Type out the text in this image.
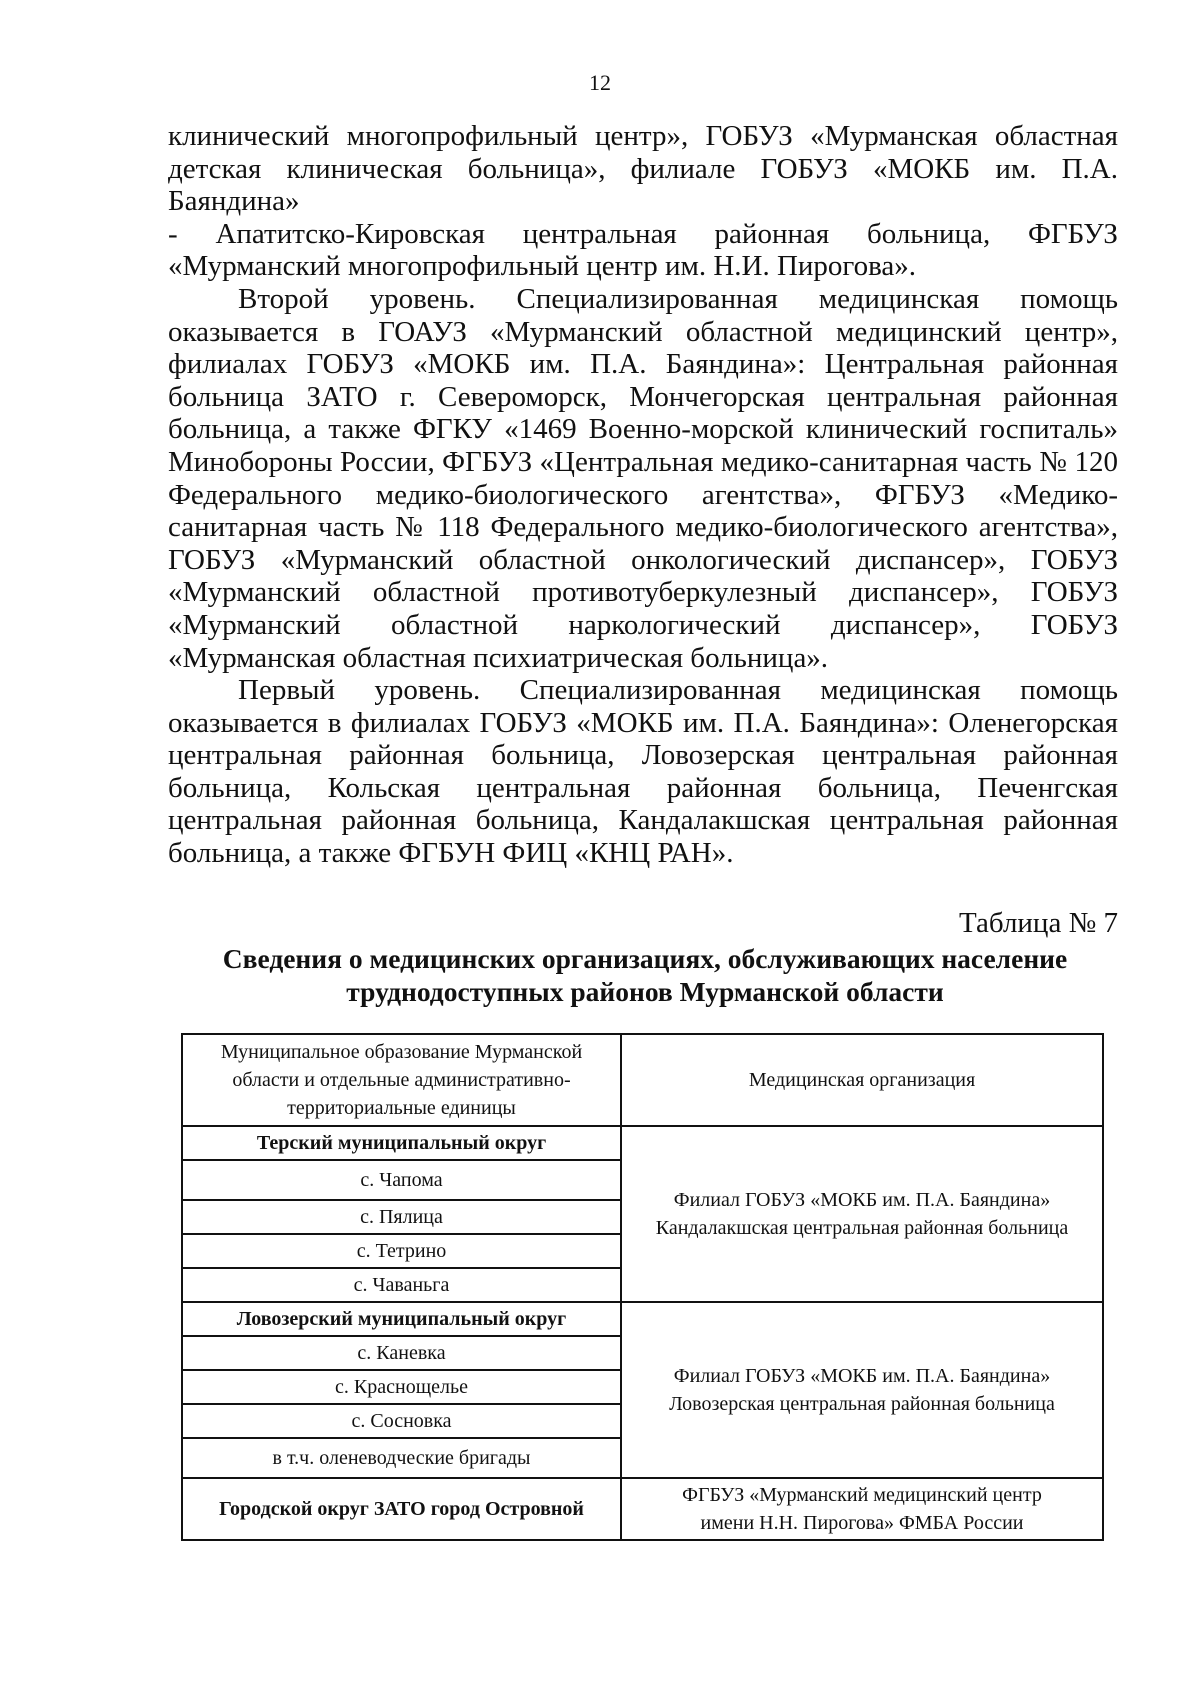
12

клинический многопрофильный центр», ГОБУЗ «Мурманская областная детская клиническая больница», филиале ГОБУЗ «МОКБ им. П.А. Баяндина»

- Апатитско-Кировская центральная районная больница, ФГБУЗ

«Мурманский многопрофильный центр им. Н.И. Пирогова».

Второй уровень. Специализированная медицинская помощь оказывается в ГОАУЗ «Мурманский областной медицинский центр», филиалах ГОБУЗ «МОКБ им. П.А. Баяндина»: Центральная районная больница ЗАТО г. Североморск, Мончегорская центральная районная больница, а также ФГКУ «1469 Военно-морской клинический госпиталь» Минобороны России, ФГБУЗ «Центральная медико-санитарная часть № 120 Федерального медико-биологического агентства», ФГБУЗ «Медико-санитарная часть № 118 Федерального медико-биологического агентства», ГОБУЗ «Мурманский областной онкологический диспансер», ГОБУЗ «Мурманский областной противотуберкулезный диспансер», ГОБУЗ «Мурманский областной наркологический диспансер», ГОБУЗ «Мурманская областная психиатрическая больница».

Первый уровень. Специализированная медицинская помощь оказывается в филиалах ГОБУЗ «МОКБ им. П.А. Баяндина»: Оленегорская центральная районная больница, Ловозерская центральная районная больница, Кольская центральная районная больница, Печенгская центральная районная больница, Кандалакшская центральная районная больница, а также ФГБУН ФИЦ «КНЦ РАН».

Таблица № 7
Сведения о медицинских организациях, обслуживающих население труднодоступных районов Мурманской области
Муниципальное образование Мурманской области и отдельные административно-территориальные единицы	Медицинская организация
Терский муниципальный округ	Филиал ГОБУЗ «МОКБ им. П.А. Баяндина»
Кандалакшская центральная районная больница

с. Чапома	
с. Пялица	
с. Тетрино	
с. Чаваньга	
Ловозерский муниципальный округ	Филиал ГОБУЗ «МОКБ им. П.А. Баяндина»
Ловозерская центральная районная больница

с. Каневка	
с. Краснощелье	
с. Сосновка	
в т.ч. оленеводческие бригады	
Городской округ ЗАТО город Островной	ФГБУЗ «Мурманский медицинский центр
имени Н.Н. Пирогова» ФМБА России
